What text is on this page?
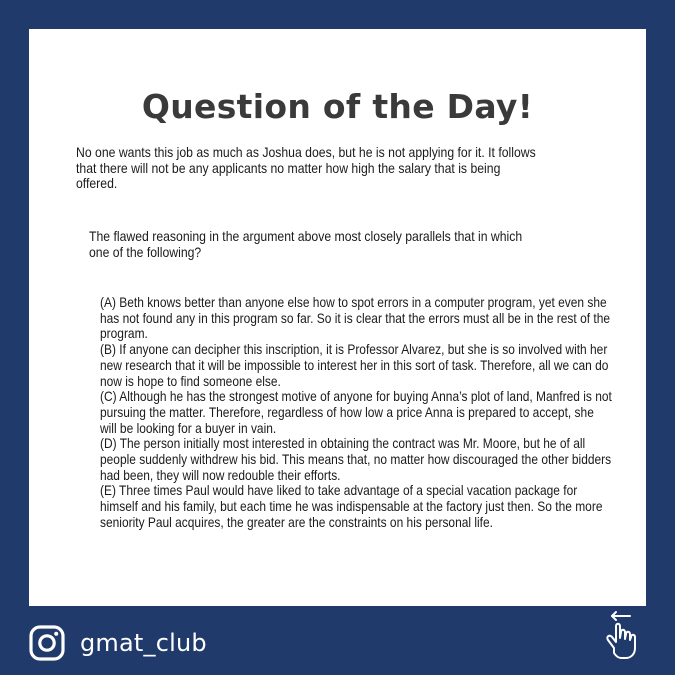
Question of the Day!

No one wants this job as much as Joshua does, but he is not applying for it. It follows that there will not be any applicants no matter how high the salary that is being offered.

The flawed reasoning in the argument above most closely parallels that in which one of the following?

(A) Beth knows better than anyone else how to spot errors in a computer program, yet even she has not found any in this program so far. So it is clear that the errors must all be in the rest of the program.
(B) If anyone can decipher this inscription, it is Professor Alvarez, but she is so involved with her new research that it will be impossible to interest her in this sort of task. Therefore, all we can do now is hope to find someone else.
(C) Although he has the strongest motive of anyone for buying Anna’s plot of land, Manfred is not pursuing the matter. Therefore, regardless of how low a price Anna is prepared to accept, she will be looking for a buyer in vain.
(D) The person initially most interested in obtaining the contract was Mr. Moore, but he of all people suddenly withdrew his bid. This means that, no matter how discouraged the other bidders had been, they will now redouble their efforts.
(E) Three times Paul would have liked to take advantage of a special vacation package for himself and his family, but each time he was indispensable at the factory just then. So the more seniority Paul acquires, the greater are the constraints on his personal life.
gmat_club
